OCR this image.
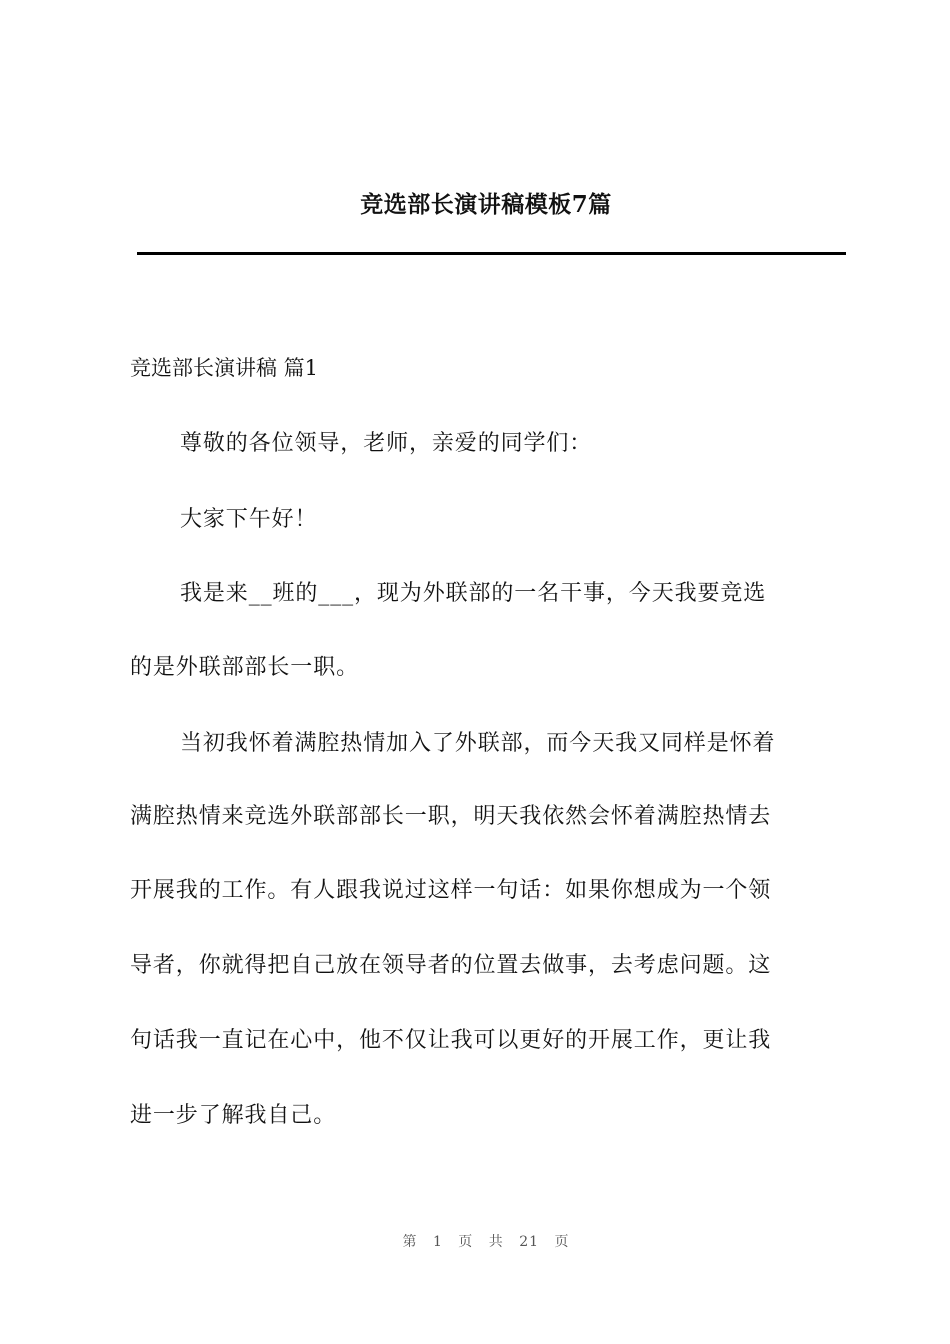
竞选部长演讲稿模板7篇
竞选部长演讲稿 篇1
尊敬的各位领导，老师，亲爱的同学们：
大家下午好！
我是来__班的___，现为外联部的一名干事，今天我要竞选
的是外联部部长一职。
当初我怀着满腔热情加入了外联部，而今天我又同样是怀着
满腔热情来竞选外联部部长一职，明天我依然会怀着满腔热情去
开展我的工作。有人跟我说过这样一句话：如果你想成为一个领
导者，你就得把自己放在领导者的位置去做事，去考虑问题。这
句话我一直记在心中，他不仅让我可以更好的开展工作，更让我
进一步了解我自己。
第 1 页 共 21 页
